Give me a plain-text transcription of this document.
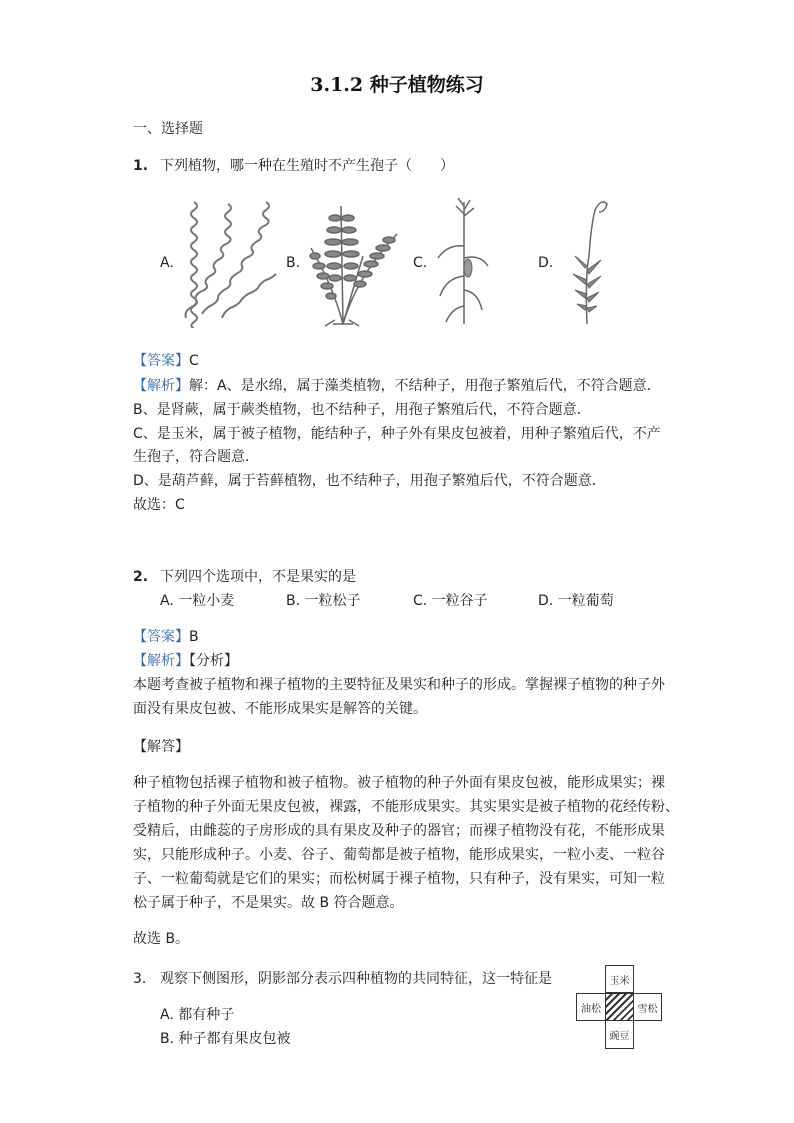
3.1.2 种子植物练习
一、选择题
1. 下列植物，哪一种在生殖时不产生孢子（　　）
A.	B.	C.	D.
【答案】C
【解析】解：A、是水绵，属于藻类植物，不结种子，用孢子繁殖后代，不符合题意．
B、是肾蕨，属于蕨类植物，也不结种子，用孢子繁殖后代，不符合题意．
C、是玉米，属于被子植物，能结种子，种子外有果皮包被着，用种子繁殖后代，不产
生孢子，符合题意．
D、是葫芦藓，属于苔藓植物，也不结种子，用孢子繁殖后代，不符合题意．
故选：C
2. 下列四个选项中，不是果实的是
A. 一粒小麦	B. 一粒松子	C. 一粒谷子	D. 一粒葡萄
【答案】B
【解析】【分析】
本题考查被子植物和裸子植物的主要特征及果实和种子的形成。掌握裸子植物的种子外
面没有果皮包被、不能形成果实是解答的关键。
【解答】
种子植物包括裸子植物和被子植物。被子植物的种子外面有果皮包被，能形成果实；裸
子植物的种子外面无果皮包被，裸露，不能形成果实。其实果实是被子植物的花经传粉、
受精后，由雌蕊的子房形成的具有果皮及种子的器官；而裸子植物没有花，不能形成果
实，只能形成种子。小麦、谷子、葡萄都是被子植物，能形成果实，一粒小麦、一粒谷
子、一粒葡萄就是它们的果实；而松树属于裸子植物，只有种子，没有果实，可知一粒
松子属于种子，不是果实。故 B 符合题意。
故选 B。
3. 观察下侧图形，阴影部分表示四种植物的共同特征，这一特征是
A. 都有种子
B. 种子都有果皮包被
玉米
油松	雪松
豌豆
